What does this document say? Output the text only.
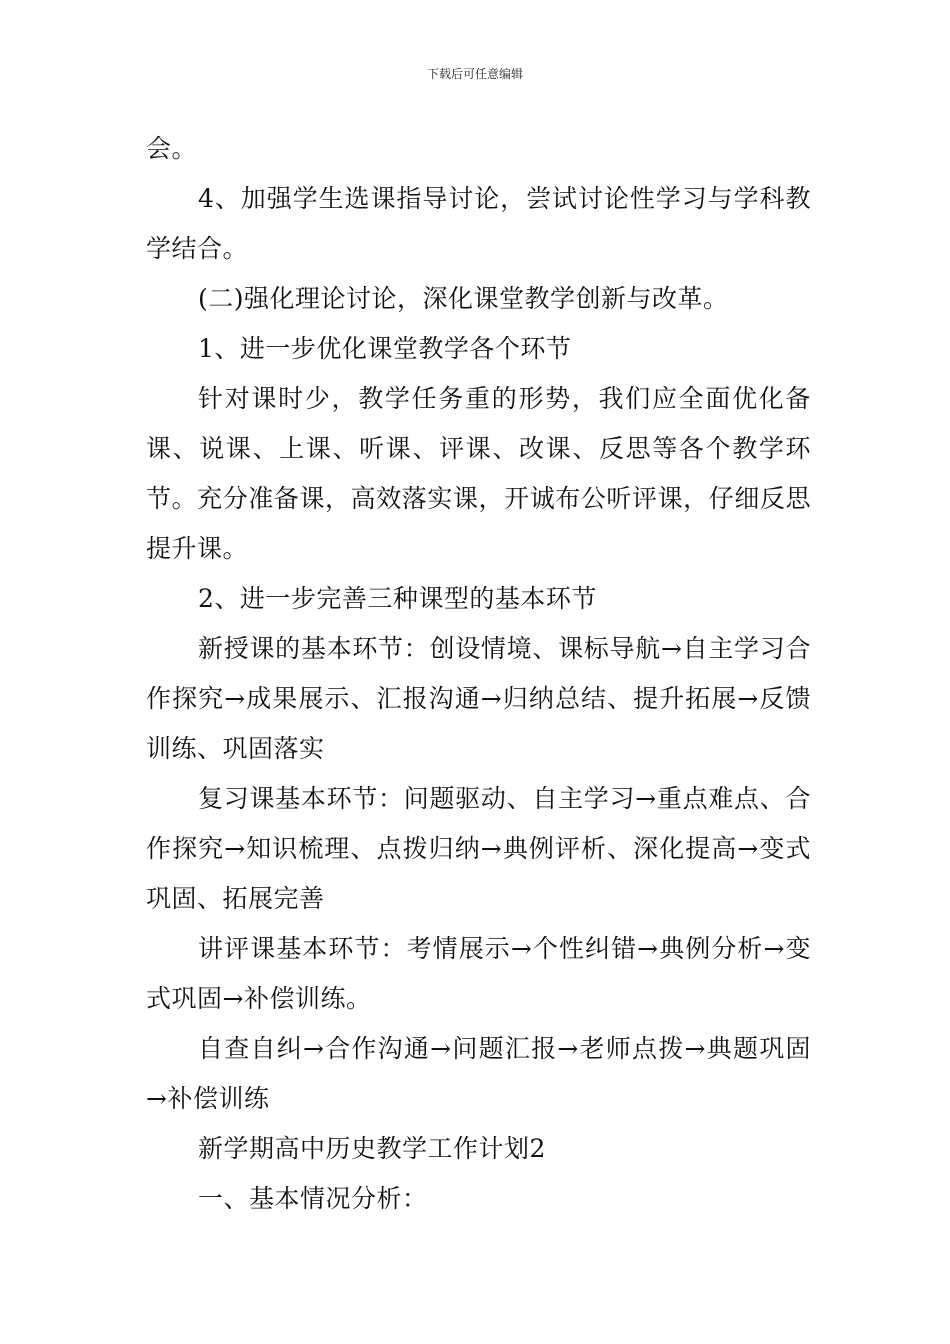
下载后可任意编辑

会。

4、加强学生选课指导讨论，尝试讨论性学习与学科教学结合。

(二)强化理论讨论，深化课堂教学创新与改革。

1、进一步优化课堂教学各个环节

针对课时少，教学任务重的形势，我们应全面优化备课、说课、上课、听课、评课、改课、反思等各个教学环节。充分准备课，高效落实课，开诚布公听评课，仔细反思提升课。

2、进一步完善三种课型的基本环节

新授课的基本环节：创设情境、课标导航→自主学习合作探究→成果展示、汇报沟通→归纳总结、提升拓展→反馈训练、巩固落实

复习课基本环节：问题驱动、自主学习→重点难点、合作探究→知识梳理、点拨归纳→典例评析、深化提高→变式巩固、拓展完善

讲评课基本环节：考情展示→个性纠错→典例分析→变式巩固→补偿训练。

自查自纠→合作沟通→问题汇报→老师点拨→典题巩固→补偿训练

新学期高中历史教学工作计划2

一、基本情况分析：
